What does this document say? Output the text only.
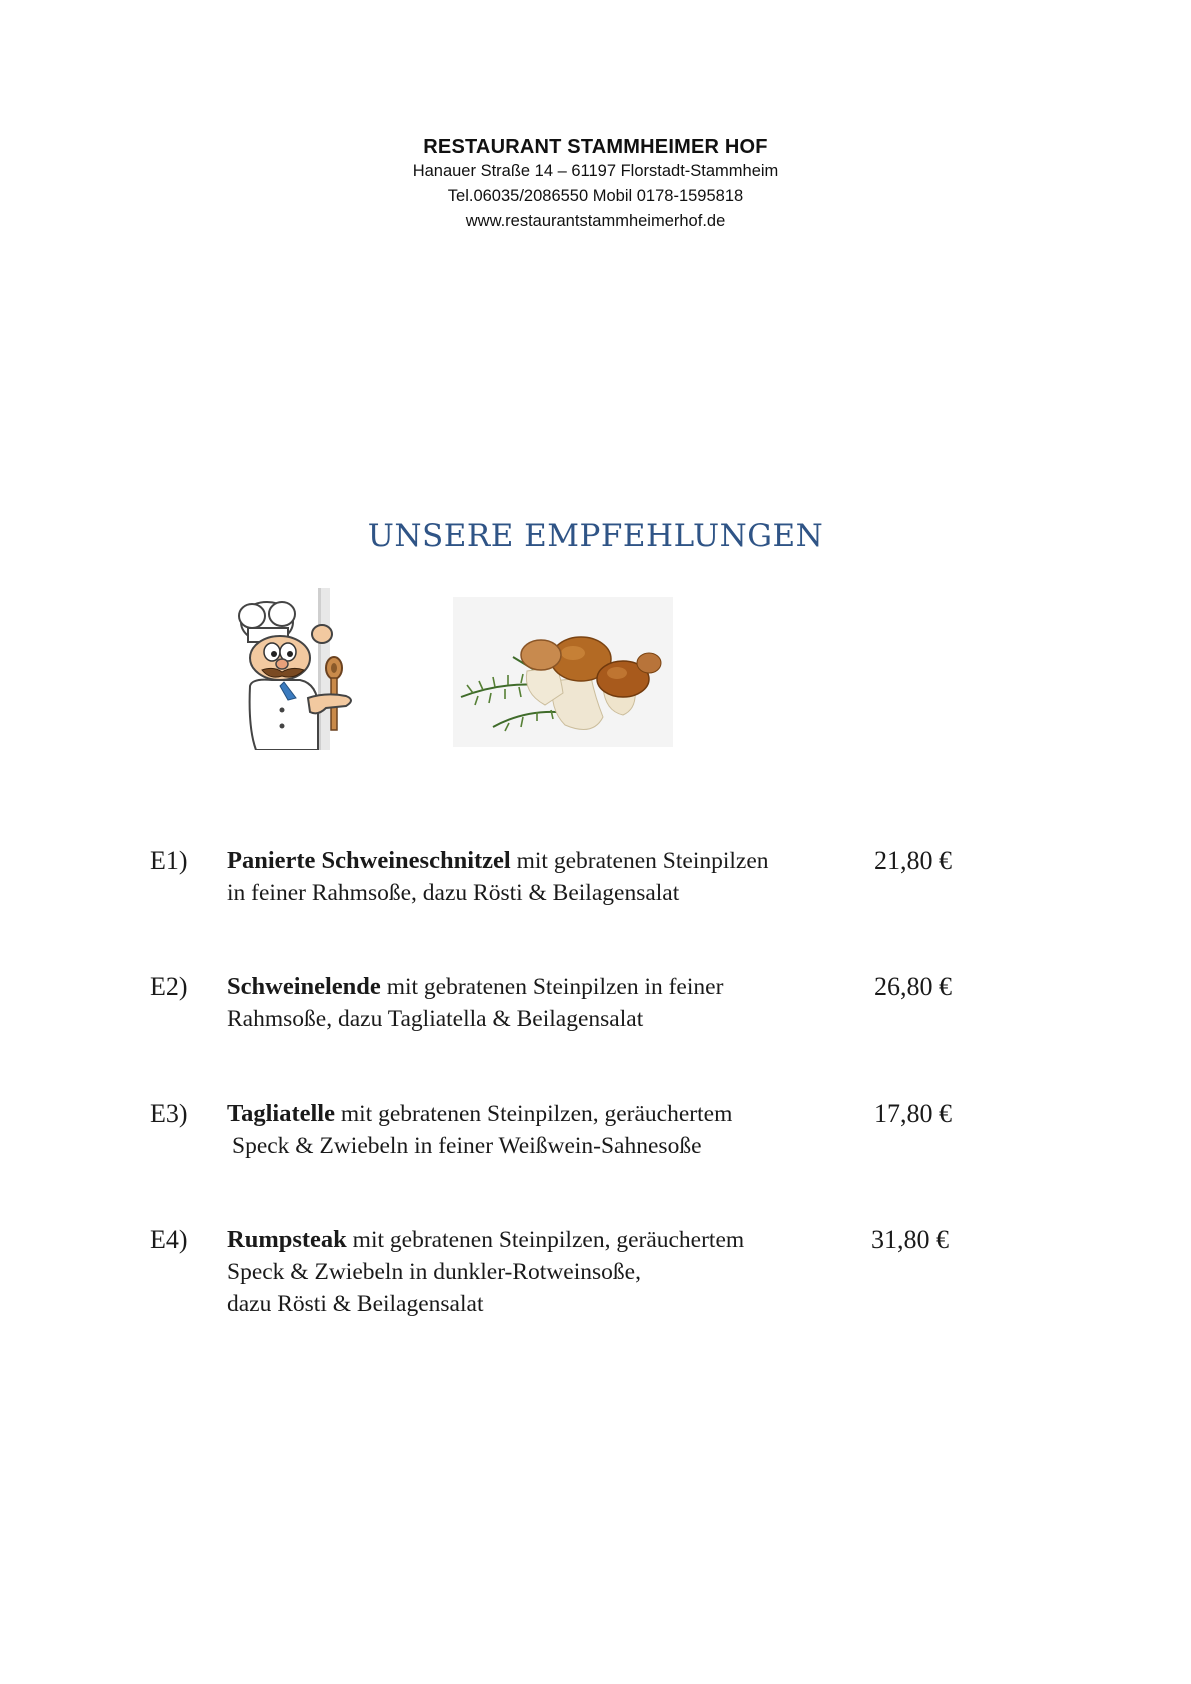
RESTAURANT STAMMHEIMER HOF
Hanauer Straße 14 – 61197 Florstadt-Stammheim
Tel.06035/2086550 Mobil 0178-1595818
www.restaurantstammheimerhof.de
UNSERE EMPFEHLUNGEN
E1) Panierte Schweineschnitzel mit gebratenen Steinpilzen
in feiner Rahmsoße, dazu Rösti & Beilagensalat
21,80 €
E2) Schweinelende mit gebratenen Steinpilzen in feiner
Rahmsoße, dazu Tagliatella & Beilagensalat
26,80 €
E3) Tagliatelle mit gebratenen Steinpilzen, geräuchertem
Speck & Zwiebeln in feiner Weißwein-Sahnesoße
17,80 €
E4) Rumpsteak mit gebratenen Steinpilzen, geräuchertem
Speck & Zwiebeln in dunkler-Rotweinsoße,
dazu Rösti & Beilagensalat
31,80 €
